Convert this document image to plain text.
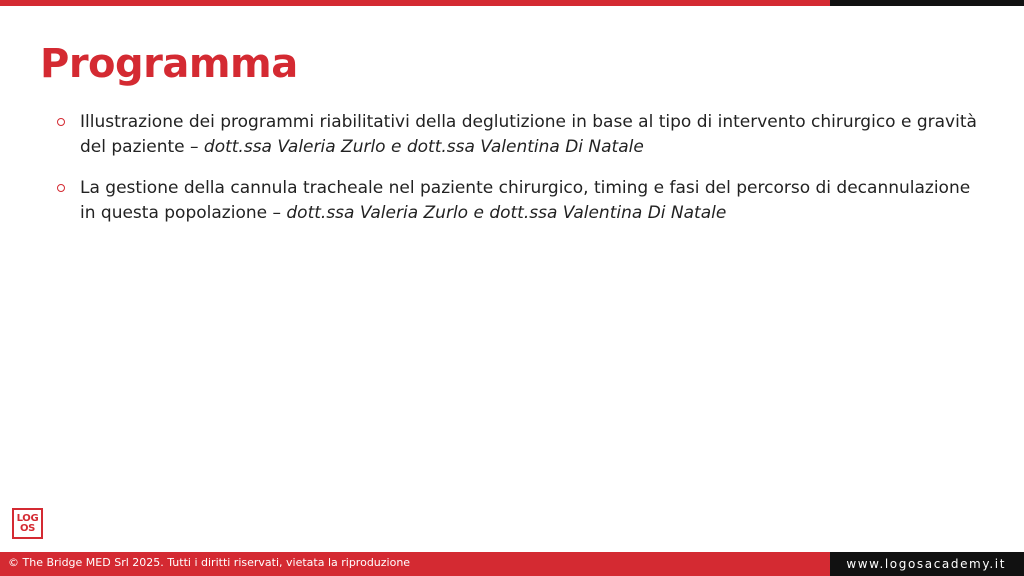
Programma
Illustrazione dei programmi riabilitativi della deglutizione in base al tipo di intervento chirurgico e gravità del paziente – dott.ssa Valeria Zurlo e dott.ssa Valentina Di Natale
La gestione della cannula tracheale nel paziente chirurgico, timing e fasi del percorso di decannulazione in questa popolazione – dott.ssa Valeria Zurlo e dott.ssa Valentina Di Natale
LOG
OS
© The Bridge MED Srl 2025. Tutti i diritti riservati, vietata la riproduzione	www.logosacademy.it
